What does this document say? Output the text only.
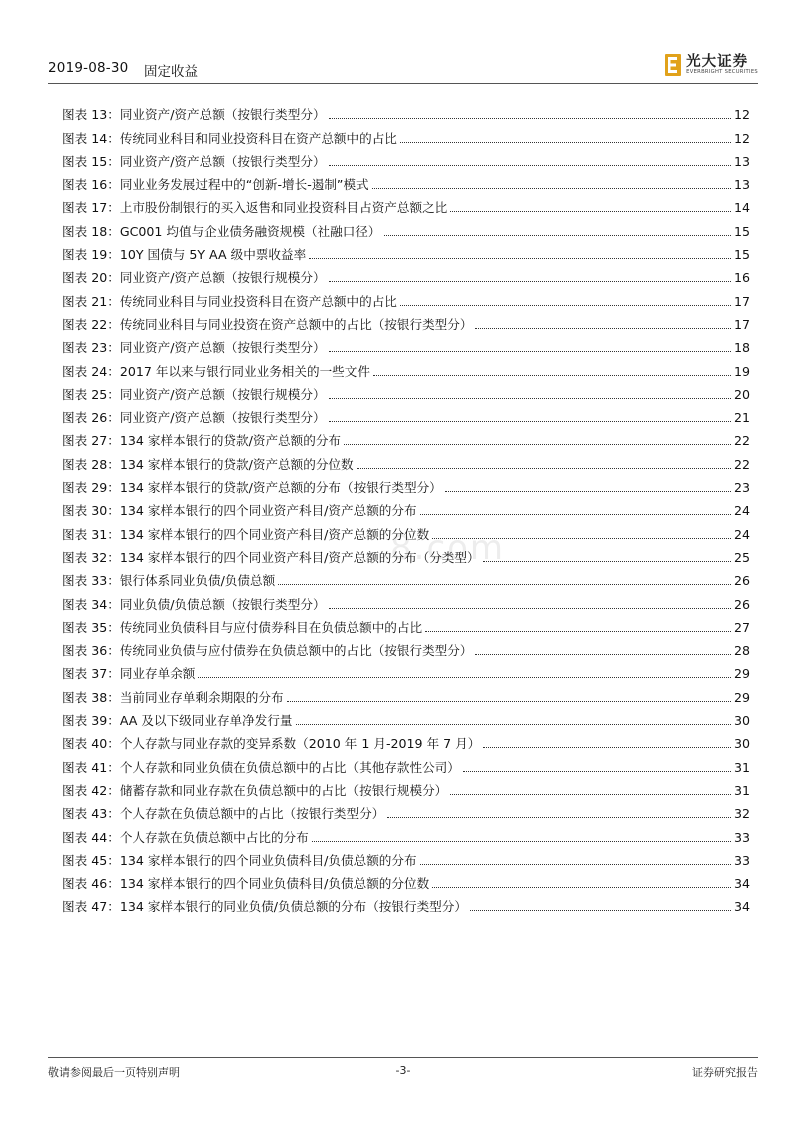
2019-08-30 固定收益
光大证券
EVERBRIGHT SECURITIES
图表 13： 同业资产/资产总额（按银行类型分）	12
图表 14： 传统同业科目和同业投资科目在资产总额中的占比	12
图表 15： 同业资产/资产总额（按银行类型分）	13
图表 16： 同业业务发展过程中的“创新-增长-遏制”模式	13
图表 17： 上市股份制银行的买入返售和同业投资科目占资产总额之比	14
图表 18： GC001 均值与企业债务融资规模（社融口径）	15
图表 19： 10Y 国债与 5Y AA 级中票收益率	15
图表 20： 同业资产/资产总额（按银行规模分）	16
图表 21： 传统同业科目与同业投资科目在资产总额中的占比	17
图表 22： 传统同业科目与同业投资在资产总额中的占比（按银行类型分）	17
图表 23： 同业资产/资产总额（按银行类型分）	18
图表 24： 2017 年以来与银行同业业务相关的一些文件	19
图表 25： 同业资产/资产总额（按银行规模分）	20
图表 26： 同业资产/资产总额（按银行类型分）	21
图表 27： 134 家样本银行的贷款/资产总额的分布	22
图表 28： 134 家样本银行的贷款/资产总额的分位数	22
图表 29： 134 家样本银行的贷款/资产总额的分布（按银行类型分）	23
图表 30： 134 家样本银行的四个同业资产科目/资产总额的分布	24
图表 31： 134 家样本银行的四个同业资产科目/资产总额的分位数	24
图表 32： 134 家样本银行的四个同业资产科目/资产总额的分布（分类型）	25
图表 33： 银行体系同业负债/负债总额	26
图表 34： 同业负债/负债总额（按银行类型分）	26
图表 35： 传统同业负债科目与应付债券科目在负债总额中的占比	27
图表 36： 传统同业负债与应付债券在负债总额中的占比（按银行类型分）	28
图表 37： 同业存单余额	29
图表 38： 当前同业存单剩余期限的分布	29
图表 39： AA 及以下级同业存单净发行量	30
图表 40： 个人存款与同业存款的变异系数（2010 年 1 月-2019 年 7 月）	30
图表 41： 个人存款和同业负债在负债总额中的占比（其他存款性公司）	31
图表 42： 储蓄存款和同业存款在负债总额中的占比（按银行规模分）	31
图表 43： 个人存款在负债总额中的占比（按银行类型分）	32
图表 44： 个人存款在负债总额中占比的分布	33
图表 45： 134 家样本银行的四个同业负债科目/负债总额的分布	33
图表 46： 134 家样本银行的四个同业负债科目/负债总额的分位数	34
图表 47： 134 家样本银行的同业负债/负债总额的分布（按银行类型分）	34
8.com
敬请参阅最后一页特别声明	-3-	证券研究报告
